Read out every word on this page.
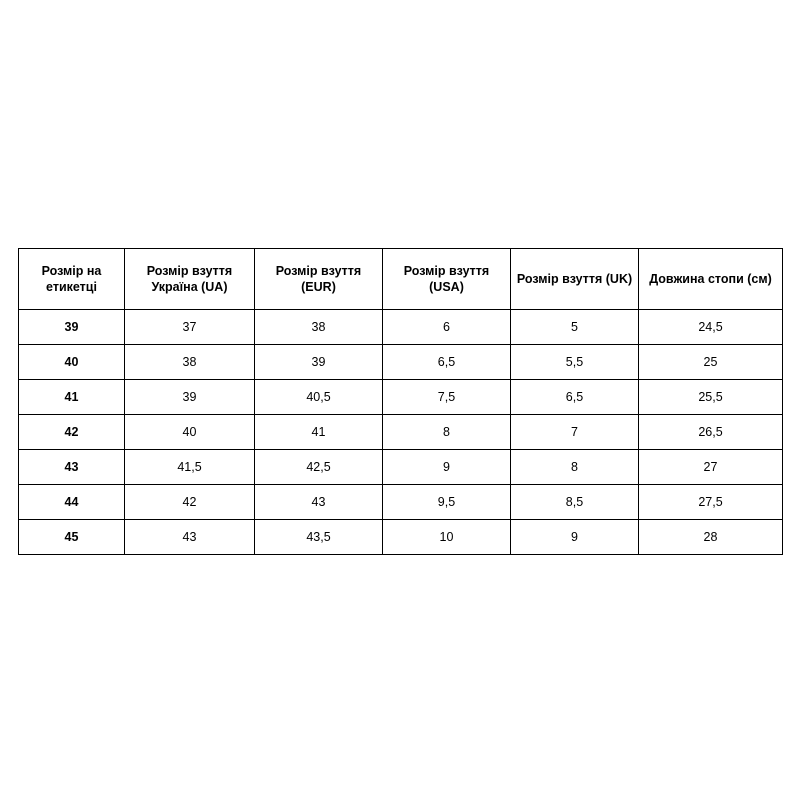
Розмір на етикетці	Розмір взуття Україна (UA)	Розмір взуття (EUR)	Розмір взуття (USA)	Розмір взуття (UK)	Довжина стопи (см)
39	37	38	6	5	24,5
40	38	39	6,5	5,5	25
41	39	40,5	7,5	6,5	25,5
42	40	41	8	7	26,5
43	41,5	42,5	9	8	27
44	42	43	9,5	8,5	27,5
45	43	43,5	10	9	28
